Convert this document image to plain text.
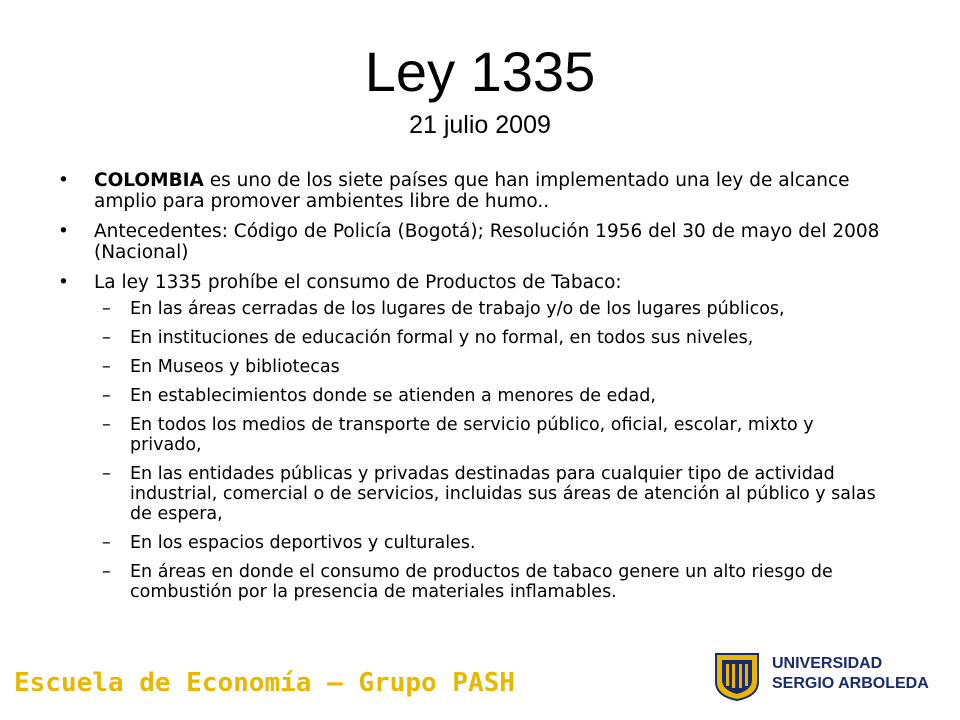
Ley 1335
21 julio 2009
•	COLOMBIA es uno de los siete países que han implementado una ley de alcance amplio para promover ambientes libre de humo..
•	Antecedentes: Código de Policía (Bogotá); Resolución 1956 del 30 de mayo del 2008 (Nacional)
•	La ley 1335 prohíbe el consumo de Productos de Tabaco:
– En las áreas cerradas de los lugares de trabajo y/o de los lugares públicos,
– En instituciones de educación formal y no formal, en todos sus niveles,
– En Museos y bibliotecas
– En establecimientos donde se atienden a menores de edad,
– En todos los medios de transporte de servicio público, oficial, escolar, mixto y privado,
– En las entidades públicas y privadas destinadas para cualquier tipo de actividad industrial, comercial o de servicios, incluidas sus áreas de atención al público y salas de espera,
– En los espacios deportivos y culturales.
– En áreas en donde el consumo de productos de tabaco genere un alto riesgo de combustión por la presencia de materiales inflamables.
Escuela de Economía – Grupo PASH
UNIVERSIDAD
SERGIO ARBOLEDA
